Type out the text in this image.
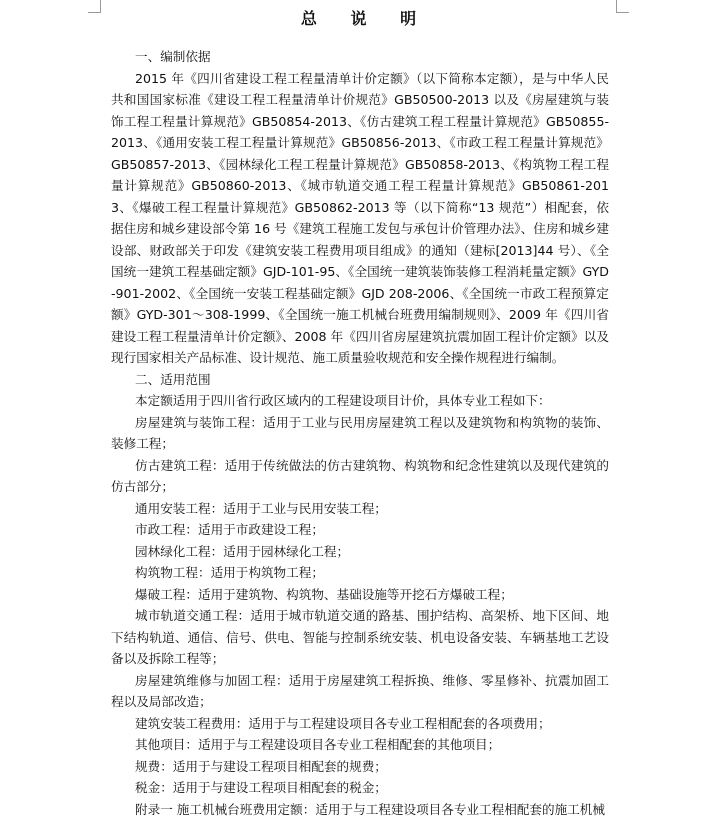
总 说 明

一、编制依据

2015 年《四川省建设工程工程量清单计价定额》（以下简称本定额），是与中华人民共和国国家标准《建设工程工程量清单计价规范》GB50500-2013 以及《房屋建筑与装饰工程工程量计算规范》GB50854-2013、《仿古建筑工程工程量计算规范》GB50855-2013、《通用安装工程工程量计算规范》GB50856-2013、《市政工程工程量计算规范》GB50857-2013、《园林绿化工程工程量计算规范》GB50858-2013、《构筑物工程工程量计算规范》GB50860-2013、《城市轨道交通工程工程量计算规范》GB50861-2013、《爆破工程工程量计算规范》GB50862-2013 等（以下简称“13 规范”）相配套，依据住房和城乡建设部令第 16 号《建筑工程施工发包与承包计价管理办法》、住房和城乡建设部、财政部关于印发《建筑安装工程费用项目组成》的通知（建标[2013]44 号）、《全国统一建筑工程基础定额》GJD-101-95、《全国统一建筑装饰装修工程消耗量定额》GYD-901-2002、《全国统一安装工程基础定额》GJD 208-2006、《全国统一市政工程预算定额》GYD-301～308-1999、《全国统一施工机械台班费用编制规则》、2009 年《四川省建设工程工程量清单计价定额》、2008 年《四川省房屋建筑抗震加固工程计价定额》以及现行国家相关产品标准、设计规范、施工质量验收规范和安全操作规程进行编制。

二、适用范围

本定额适用于四川省行政区域内的工程建设项目计价，具体专业工程如下：

房屋建筑与装饰工程：适用于工业与民用房屋建筑工程以及建筑物和构筑物的装饰、装修工程；

仿古建筑工程：适用于传统做法的仿古建筑物、构筑物和纪念性建筑以及现代建筑的仿古部分；

通用安装工程：适用于工业与民用安装工程；

市政工程：适用于市政建设工程；

园林绿化工程：适用于园林绿化工程；

构筑物工程：适用于构筑物工程；

爆破工程：适用于建筑物、构筑物、基础设施等开挖石方爆破工程；

城市轨道交通工程：适用于城市轨道交通的路基、围护结构、高架桥、地下区间、地下结构轨道、通信、信号、供电、智能与控制系统安装、机电设备安装、车辆基地工艺设备以及拆除工程等；

房屋建筑维修与加固工程：适用于房屋建筑工程拆换、维修、零星修补、抗震加固工程以及局部改造；

建筑安装工程费用：适用于与工程建设项目各专业工程相配套的各项费用；

其他项目：适用于与工程建设项目各专业工程相配套的其他项目；

规费：适用于与建设工程项目相配套的规费；

税金：适用于与建设工程项目相配套的税金；

附录一 施工机械台班费用定额：适用于与工程建设项目各专业工程相配套的施工机械
